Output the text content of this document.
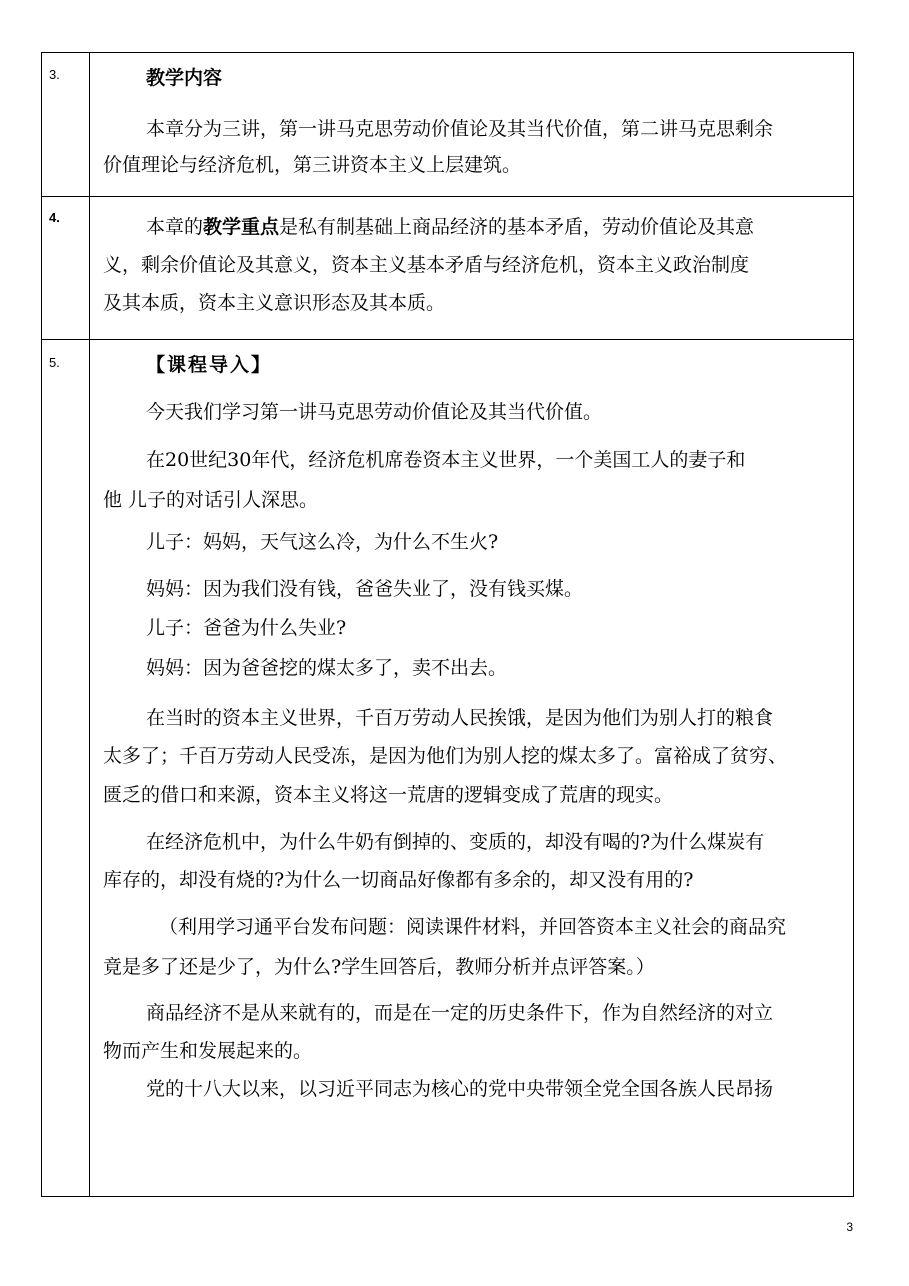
3.	教学内容
本章分为三讲，第一讲马克思劳动价值论及其当代价值，第二讲马克思剩余
价值理论与经济危机，第三讲资本主义上层建筑。
4.	本章的教学重点是私有制基础上商品经济的基本矛盾，劳动价值论及其意
义，剩余价值论及其意义，资本主义基本矛盾与经济危机，资本主义政治制度
及其本质，资本主义意识形态及其本质。
5.	【课程导入】
今天我们学习第一讲马克思劳动价值论及其当代价值。
在20世纪30年代，经济危机席卷资本主义世界，一个美国工人的妻子和
他 儿子的对话引人深思。
儿子：妈妈，天气这么冷，为什么不生火?
妈妈：因为我们没有钱，爸爸失业了，没有钱买煤。
儿子：爸爸为什么失业?
妈妈：因为爸爸挖的煤太多了，卖不出去。
在当时的资本主义世界，千百万劳动人民挨饿，是因为他们为别人打的粮食
太多了；千百万劳动人民受冻，是因为他们为别人挖的煤太多了。富裕成了贫穷、
匮乏的借口和来源，资本主义将这一荒唐的逻辑变成了荒唐的现实。
在经济危机中，为什么牛奶有倒掉的、变质的，却没有喝的?为什么煤炭有
库存的，却没有烧的?为什么一切商品好像都有多余的，却又没有用的?
（利用学习通平台发布问题：阅读课件材料，并回答资本主义社会的商品究
竟是多了还是少了，为什么?学生回答后，教师分析并点评答案。）
商品经济不是从来就有的，而是在一定的历史条件下，作为自然经济的对立
物而产生和发展起来的。
党的十八大以来，以习近平同志为核心的党中央带领全党全国各族人民昂扬
3
